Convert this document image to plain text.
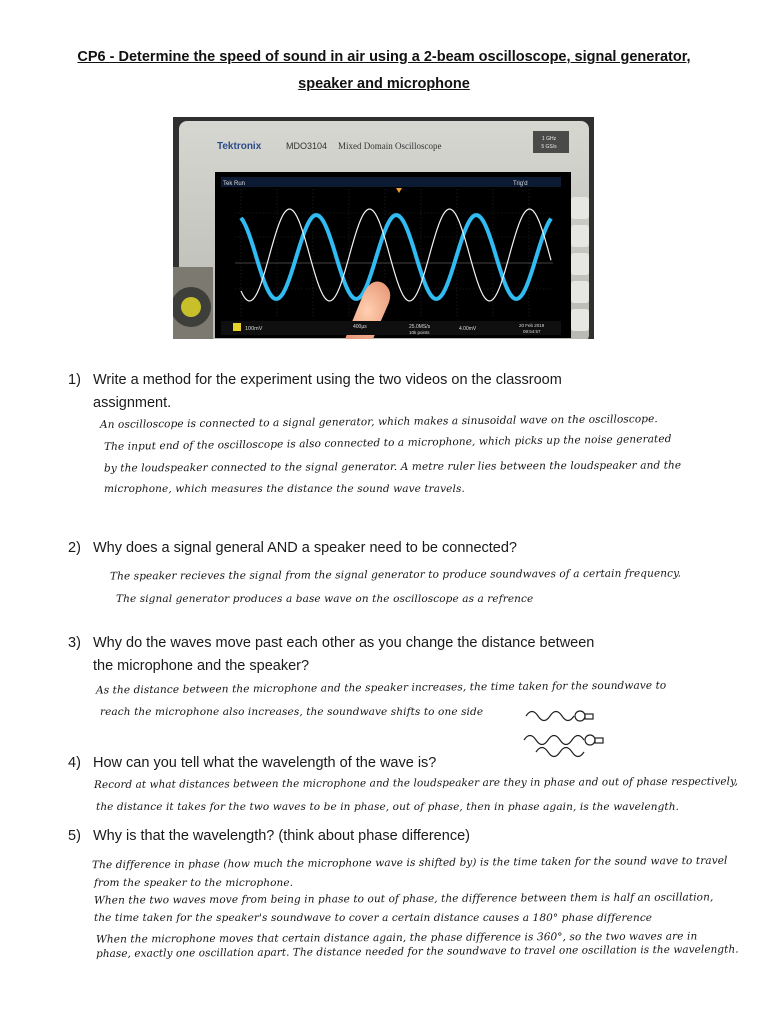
CP6 - Determine the speed of sound in air using a 2-beam oscilloscope, signal generator,
speaker and microphone
Tektronix	MDO3104 Mixed Domain Oscilloscope
1 GHz
5 GS/s
Tek Run	Trig'd
100mV	400µs	25.0MS/s
10k points
4.00mV
20 Feb 2019
08:54:57
1) Write a method for the experiment using the two videos on the classroom
assignment.
An oscilloscope is connected to a signal generator, which makes a sinusoidal wave on the oscilloscope.
The input end of the oscilloscope is also connected to a microphone, which picks up the noise generated
by the loudspeaker connected to the signal generator. A metre ruler lies between the loudspeaker and the
microphone, which measures the distance the sound wave travels.
2) Why does a signal general AND a speaker need to be connected?
The speaker recieves the signal from the signal generator to produce soundwaves of a certain frequency.
The signal generator produces a base wave on the oscilloscope as a refrence
3) Why do the waves move past each other as you change the distance between
the microphone and the speaker?
As the distance between the microphone and the speaker increases, the time taken for the soundwave to
reach the microphone also increases, the soundwave shifts to one side
4) How can you tell what the wavelength of the wave is?
Record at what distances between the microphone and the loudspeaker are they in phase and out of phase respectively,
the distance it takes for the two waves to be in phase, out of phase, then in phase again, is the wavelength.
5) Why is that the wavelength? (think about phase difference)
The difference in phase (how much the microphone wave is shifted by) is the time taken for the sound wave to travel
from the speaker to the microphone.
When the two waves move from being in phase to out of phase, the difference between them is half an oscillation,
the time taken for the speaker's soundwave to cover a certain distance causes a 180° phase difference
When the microphone moves that certain distance again, the phase difference is 360°, so the two waves are in
phase, exactly one oscillation apart. The distance needed for the soundwave to travel one oscillation is the wavelength.
